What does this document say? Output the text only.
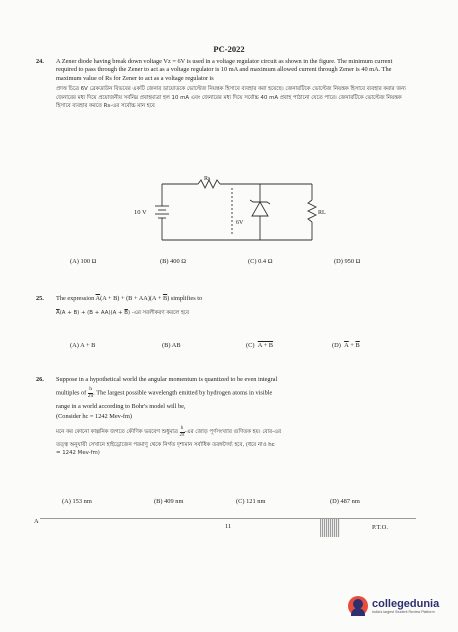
PC-2022
24. A Zener diode having break down voltage Vz = 6V is used in a voltage regulator circuit as shown in the figure. The minimum current required to pass through the Zener to act as a voltage regulator is 10 mA and maximum allowed current through Zener is 40 mA. The maximum value of Rs for Zener to act as a voltage regulator is
প্রদত্ত চিত্রে 6V ব্রেকডাউন বিভবের একটি জেনার ডায়োডকে ভোল্টেজ নিয়ন্ত্রক হিসাবে ব্যবহার করা হয়েছে। জেনারটিকে ভোল্টেজ নিয়ন্ত্রক হিসাবে ব্যবহার করার জন্য জেনারের মধ্য দিয়ে প্রয়োজনীয় সর্বনিম্ন প্রবাহমাত্রা হল 10 mA এবং জেনারের মধ্য দিয়ে সর্বোচ্চ 40 mA প্রবাহ পাঠানো যেতে পারে। জেনারটিকে ভোল্টেজ নিয়ন্ত্রক হিসাবে ব্যবহার করতে Rs-এর সর্বোচ্চ মান হবে
Rs
10 V
6V
RL
(A) 100 Ω	(B) 400 Ω	(C) 0.4 Ω	(D) 950 Ω
25. The expression $\overline{A}(A + B) + (B + AA)(A + \overline{B})$ simplifies to
$\overline{A}(A + B) + (B + AA)(A + \overline{B})$ -এর সরলীকরণ করলে হবে
(A) A + B	(B) AB	(C)  A + B	(D)  $\overline{A} + \overline{B}$
26. Suppose in a hypothetical world the angular momentum is quantized to be even integral
multiples of $\frac{h}{2\pi}$ . The largest possible wavelength emitted by hydrogen atoms in visible
range in a world according to Bohr's model will be,
(Consider hc = 1242 Mev-fm)
মনে কর কোনো কাল্পনিক জগতে কৌণিক ভরবেগ শুধুমাত্র $\frac{h}{2\pi}$ -এর জোড় পূর্ণসংখ্যার গুণিতক হয়। বোর-এর
তত্ত্ব অনুযায়ী সেখানে হাইড্রোজেন পরমাণু থেকে নির্গত দৃশ্যমান সর্বাধিক তরঙ্গদৈর্ঘ্য হবে, (ধরে নাও hc
= 1242 Mev-fm)
(A) 153 nm	(B) 409 nm	(C) 121 nm	(D) 487 nm
A
11	P.T.O.
collegedunia
India's largest Student Review Platform
